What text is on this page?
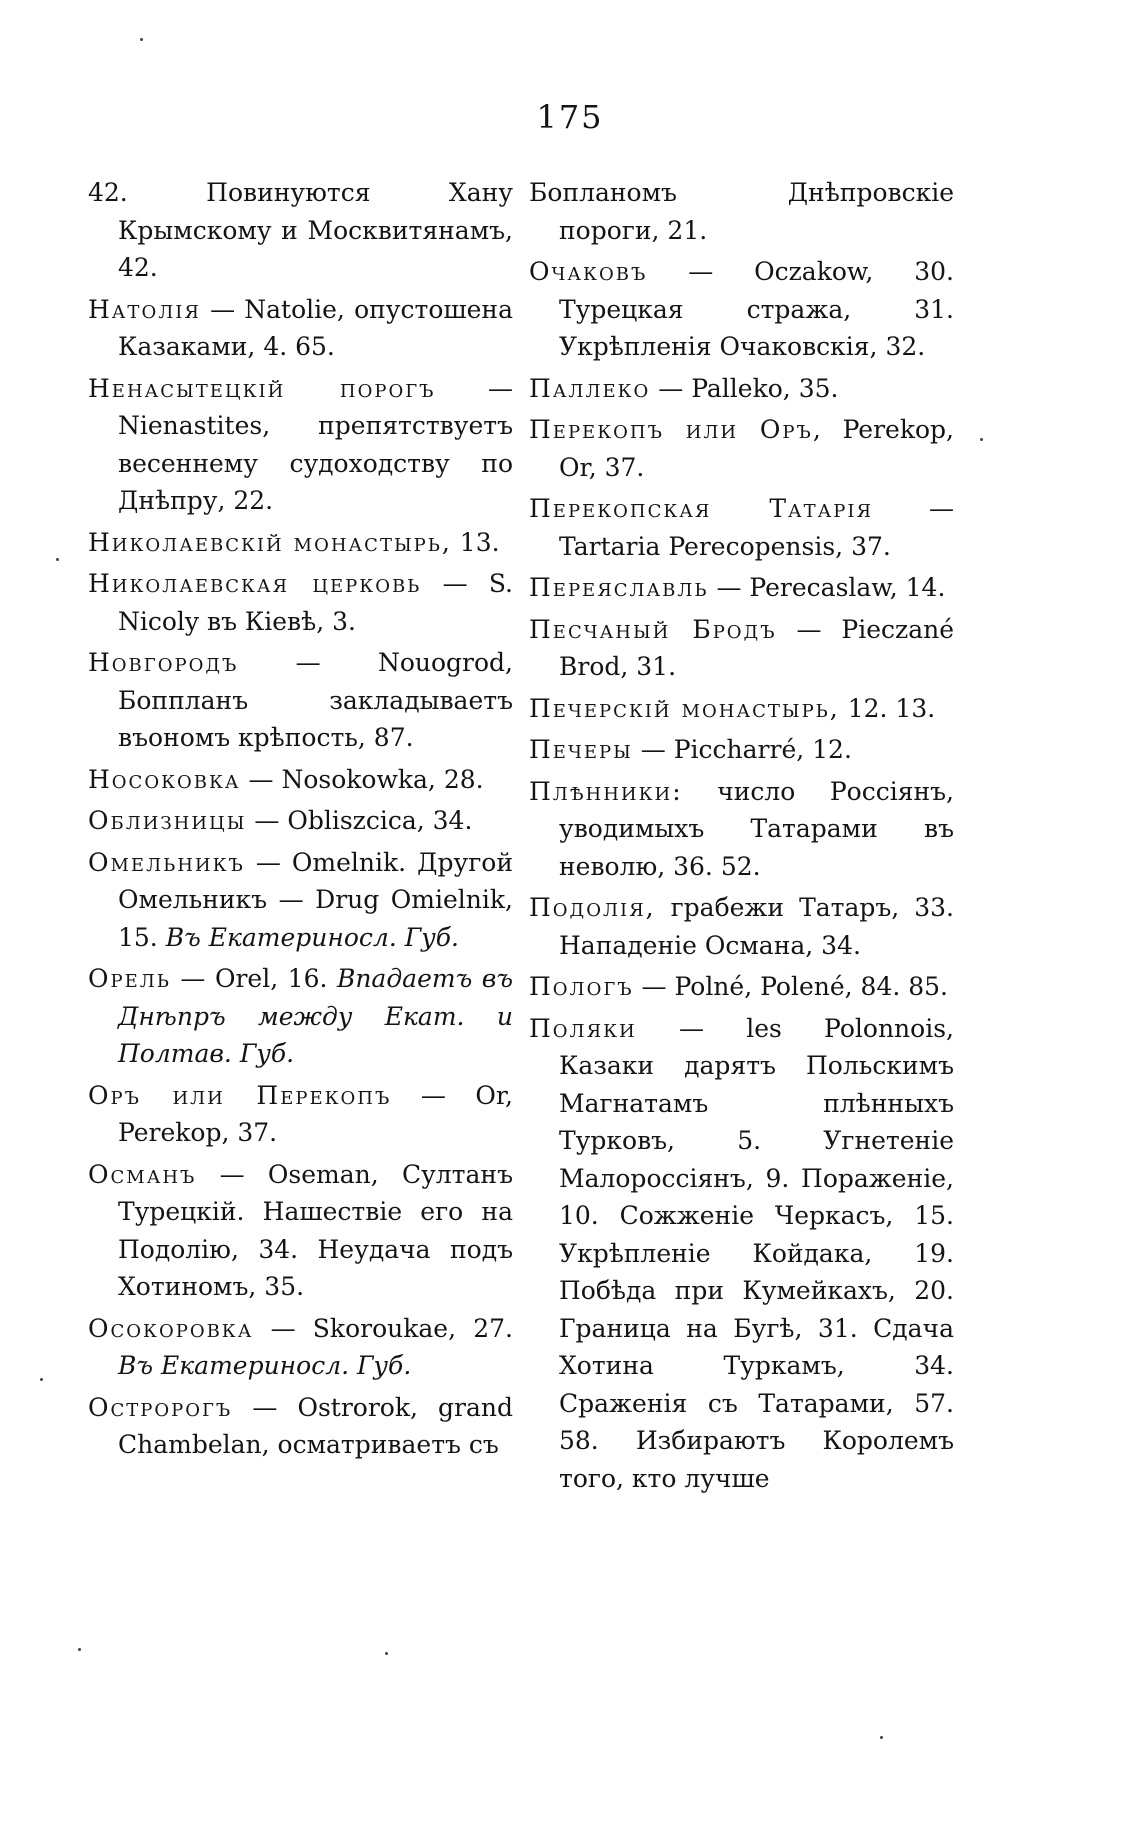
175

42. Повинуются Хану Крымскому и Москвитянамъ, 42.

Натолія — Natolie, опустошена Казаками, 4. 65.

Ненасытецкій порогъ — Nienastites, препятствуетъ весеннему судоходству по Днѣпру, 22.

Николаевскій монастырь, 13.

Николаевская церковь — S. Nicoly въ Кіевѣ, 3.

Новгородъ — Nouogrod, Боппланъ закладываетъ въономъ крѣпость, 87.

Носоковка — Nosokowka, 28.

Облизницы — Obliszcica, 34.

Омельникъ — Omelnik. Другой Омельникъ — Drug Omielnik, 15. Въ Екатериносл. Губ.

Орель — Orel, 16. Впадаетъ въ Днѣпръ между Екат. и Полтав. Губ.

Оръ или Перекопъ — Or, Perekop, 37.

Османъ — Oseman, Султанъ Турецкій. Нашествіе его на Подолію, 34. Неудача подъ Хотиномъ, 35.

Осокоровка — Skoroukae, 27. Въ Екатериносл. Губ.

Остророгъ — Ostrorok, grand Chambelan, осматриваетъ съ

Бопланомъ Днѣпровскіе пороги, 21.

Очаковъ — Oczakow, 30. Турецкая стража, 31. Укрѣпленія Очаковскія, 32.

Паллеко — Palleko, 35.

Перекопъ или Оръ, Perekop, Or, 37.

Перекопская Татарія — Tartaria Perecopensis, 37.

Переяславль — Perecaslaw, 14.

Песчаный Бродъ — Pieczané Brod, 31.

Печерскій монастырь, 12. 13.

Печеры — Piccharré, 12.

Плѣнники: число Россіянъ, уводимыхъ Татарами въ неволю, 36. 52.

Подолія, грабежи Татаръ, 33. Нападеніе Османа, 34.

Пологъ — Polné, Polené, 84. 85.

Поляки — les Polonnois, Казаки дарятъ Польскимъ Магнатамъ плѣнныхъ Турковъ, 5. Угнетеніе Малороссіянъ, 9. Пораженіе, 10. Сожженіе Черкасъ, 15. Укрѣпленіе Койдака, 19. Побѣда при Кумейкахъ, 20. Граница на Бугѣ, 31. Сдача Хотина Туркамъ, 34. Сраженія съ Татарами, 57. 58. Избираютъ Королемъ того, кто лучше
